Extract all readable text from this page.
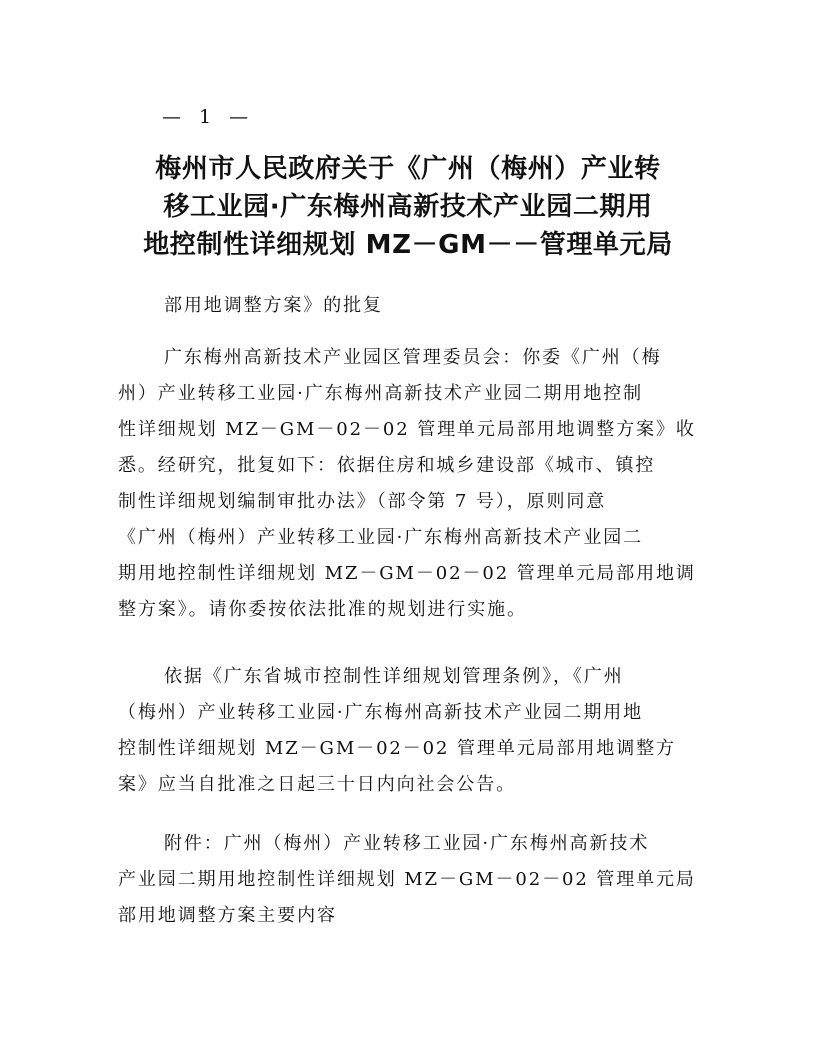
— 1 —
梅州市人民政府关于《广州（梅州）产业转
移工业园·广东梅州高新技术产业园二期用
地控制性详细规划 MZ－GM－－管理单元局
部用地调整方案》的批复
广东梅州高新技术产业园区管理委员会：你委《广州（梅
州）产业转移工业园·广东梅州高新技术产业园二期用地控制
性详细规划 MZ－GM－02－02 管理单元局部用地调整方案》收
悉。经研究，批复如下：依据住房和城乡建设部《城市、镇控
制性详细规划编制审批办法》（部令第 7 号），原则同意
《广州（梅州）产业转移工业园·广东梅州高新技术产业园二
期用地控制性详细规划 MZ－GM－02－02 管理单元局部用地调
整方案》。请你委按依法批准的规划进行实施。
依据《广东省城市控制性详细规划管理条例》，《广州
（梅州）产业转移工业园·广东梅州高新技术产业园二期用地
控制性详细规划 MZ－GM－02－02 管理单元局部用地调整方
案》应当自批准之日起三十日内向社会公告。
附件：广州（梅州）产业转移工业园·广东梅州高新技术
产业园二期用地控制性详细规划 MZ－GM－02－02 管理单元局
部用地调整方案主要内容
